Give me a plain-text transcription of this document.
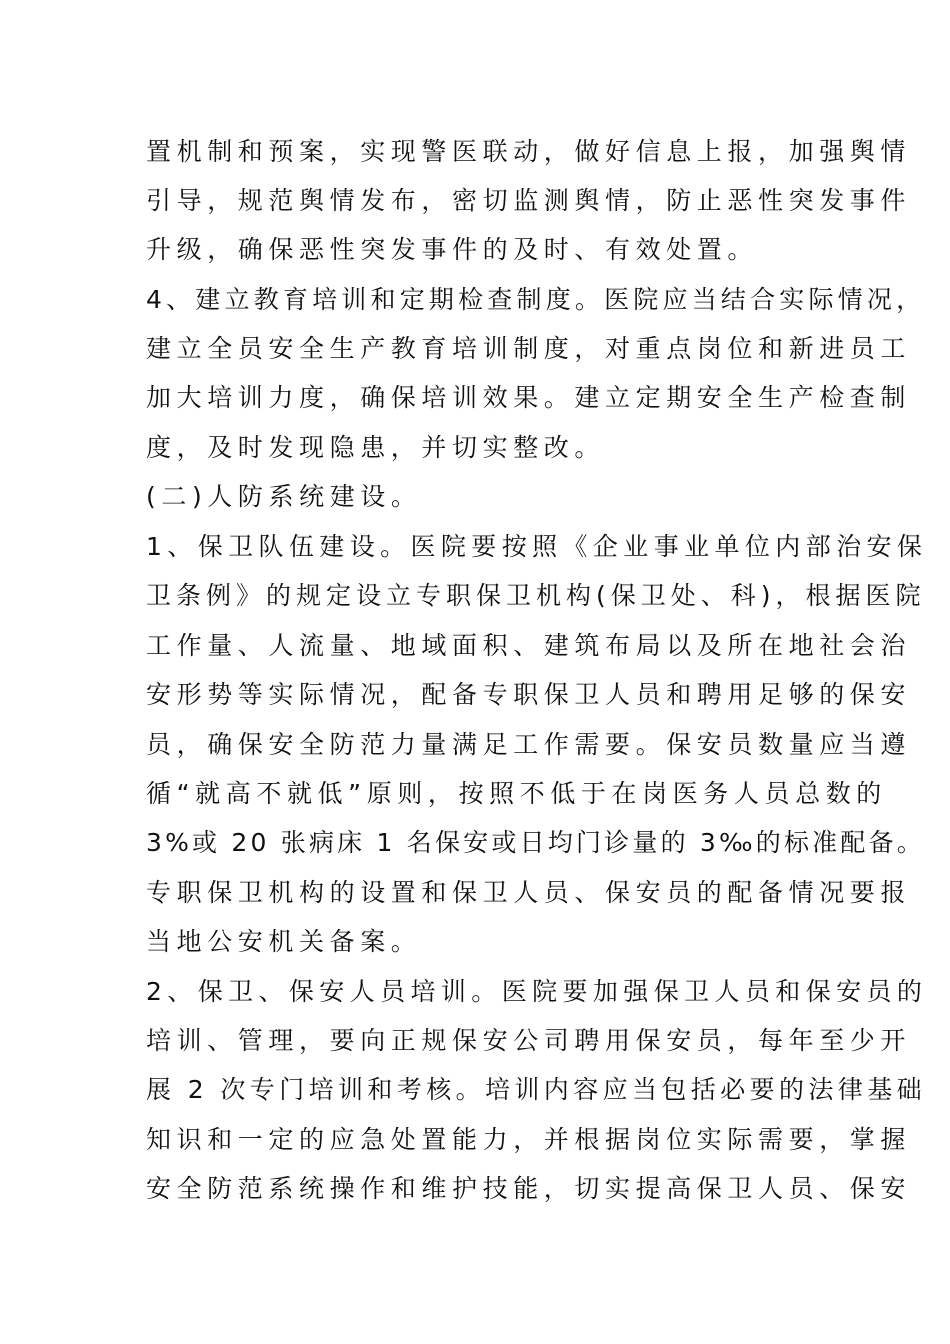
置机制和预案，实现警医联动，做好信息上报，加强舆情
引导，规范舆情发布，密切监测舆情，防止恶性突发事件
升级，确保恶性突发事件的及时、有效处置。
4、建立教育培训和定期检查制度。医院应当结合实际情况，
建立全员安全生产教育培训制度，对重点岗位和新进员工
加大培训力度，确保培训效果。建立定期安全生产检查制
度，及时发现隐患，并切实整改。
(二)人防系统建设。
1、保卫队伍建设。医院要按照《企业事业单位内部治安保
卫条例》的规定设立专职保卫机构(保卫处、科)，根据医院
工作量、人流量、地域面积、建筑布局以及所在地社会治
安形势等实际情况，配备专职保卫人员和聘用足够的保安
员，确保安全防范力量满足工作需要。保安员数量应当遵
循“就高不就低”原则，按照不低于在岗医务人员总数的
3%或 20 张病床 1 名保安或日均门诊量的 3‰的标准配备。
专职保卫机构的设置和保卫人员、保安员的配备情况要报
当地公安机关备案。
2、保卫、保安人员培训。医院要加强保卫人员和保安员的
培训、管理，要向正规保安公司聘用保安员，每年至少开
展 2 次专门培训和考核。培训内容应当包括必要的法律基础
知识和一定的应急处置能力，并根据岗位实际需要，掌握
安全防范系统操作和维护技能，切实提高保卫人员、保安
